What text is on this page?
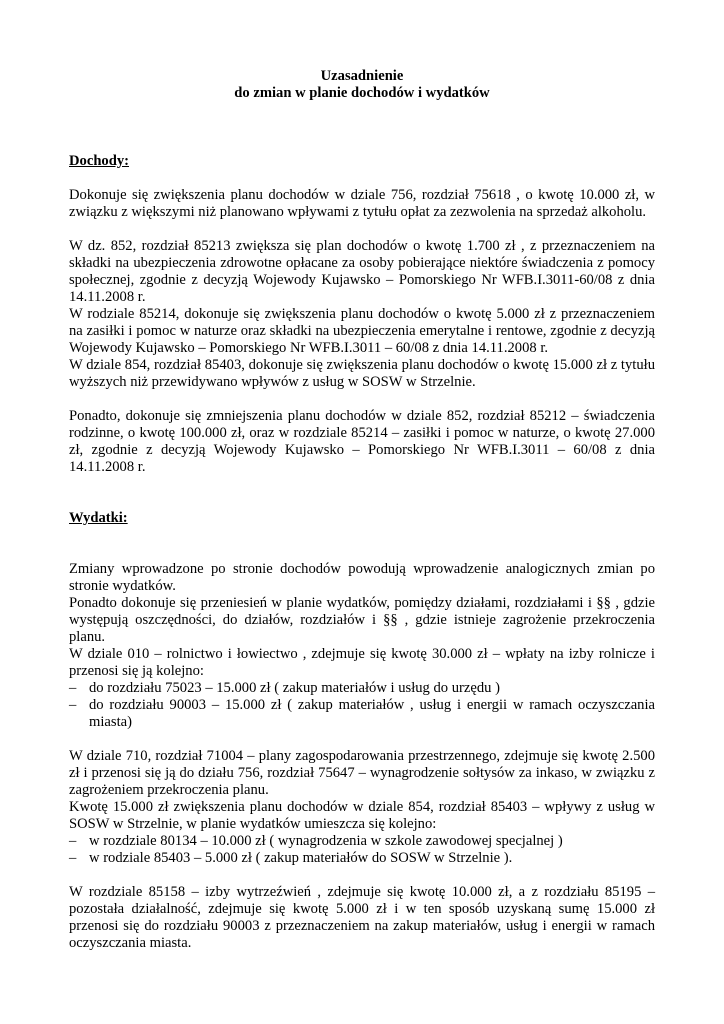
Uzasadnienie
do zmian w planie dochodów i wydatków
Dochody:
Dokonuje się zwiększenia planu dochodów w dziale 756, rozdział 75618 , o kwotę 10.000 zł, w związku z większymi niż planowano wpływami z tytułu opłat za zezwolenia na sprzedaż alkoholu.
W dz. 852, rozdział 85213 zwiększa się plan dochodów o kwotę 1.700 zł , z przeznaczeniem na składki na ubezpieczenia zdrowotne opłacane za osoby pobierające niektóre świadczenia z pomocy społecznej, zgodnie z decyzją Wojewody Kujawsko – Pomorskiego Nr WFB.I.3011-60/08 z dnia 14.11.2008 r.
W rodziale 85214, dokonuje się zwiększenia planu dochodów o kwotę 5.000 zł z przeznaczeniem na zasiłki i pomoc w naturze oraz składki na ubezpieczenia emerytalne i rentowe, zgodnie z decyzją Wojewody Kujawsko – Pomorskiego Nr WFB.I.3011 – 60/08 z dnia 14.11.2008 r.
W dziale 854, rozdział 85403, dokonuje się zwiększenia planu dochodów o kwotę 15.000 zł z tytułu wyższych niż przewidywano wpływów z usług w SOSW w Strzelnie.
Ponadto, dokonuje się zmniejszenia planu dochodów w dziale 852, rozdział 85212 – świadczenia rodzinne, o kwotę 100.000 zł, oraz w rozdziale 85214 – zasiłki i pomoc w naturze, o kwotę 27.000 zł, zgodnie z decyzją Wojewody Kujawsko – Pomorskiego Nr WFB.I.3011 – 60/08 z dnia 14.11.2008 r.
Wydatki:
Zmiany wprowadzone po stronie dochodów powodują wprowadzenie analogicznych zmian po stronie wydatków.
Ponadto dokonuje się przeniesień w planie wydatków, pomiędzy działami, rozdziałami i §§ , gdzie występują oszczędności, do działów, rozdziałów i §§ , gdzie istnieje zagrożenie przekroczenia planu.
W dziale 010 – rolnictwo i łowiectwo , zdejmuje się kwotę 30.000 zł – wpłaty na izby rolnicze i przenosi się ją kolejno:
– do rozdziału 75023 – 15.000 zł ( zakup materiałów i usług do urzędu )
– do rozdziału 90003 – 15.000 zł ( zakup materiałów , usług i energii w ramach oczyszczania miasta)
W dziale 710, rozdział 71004 – plany zagospodarowania przestrzennego, zdejmuje się kwotę 2.500 zł i przenosi się ją do działu 756, rozdział 75647 – wynagrodzenie sołtysów za inkaso, w związku z zagrożeniem przekroczenia planu.
Kwotę 15.000 zł zwiększenia planu dochodów w dziale 854, rozdział 85403 – wpływy z usług w SOSW w Strzelnie, w planie wydatków umieszcza się kolejno:
– w rozdziale 80134 – 10.000 zł ( wynagrodzenia w szkole zawodowej specjalnej )
– w rodziale 85403 – 5.000 zł ( zakup materiałów do SOSW w Strzelnie ).
W rozdziale 85158 – izby wytrzeźwień , zdejmuje się kwotę 10.000 zł, a z rozdziału 85195 – pozostała działalność, zdejmuje się kwotę 5.000 zł i w ten sposób uzyskaną sumę 15.000 zł przenosi się do rozdziału 90003 z przeznaczeniem na zakup materiałów, usług i energii w ramach oczyszczania miasta.
